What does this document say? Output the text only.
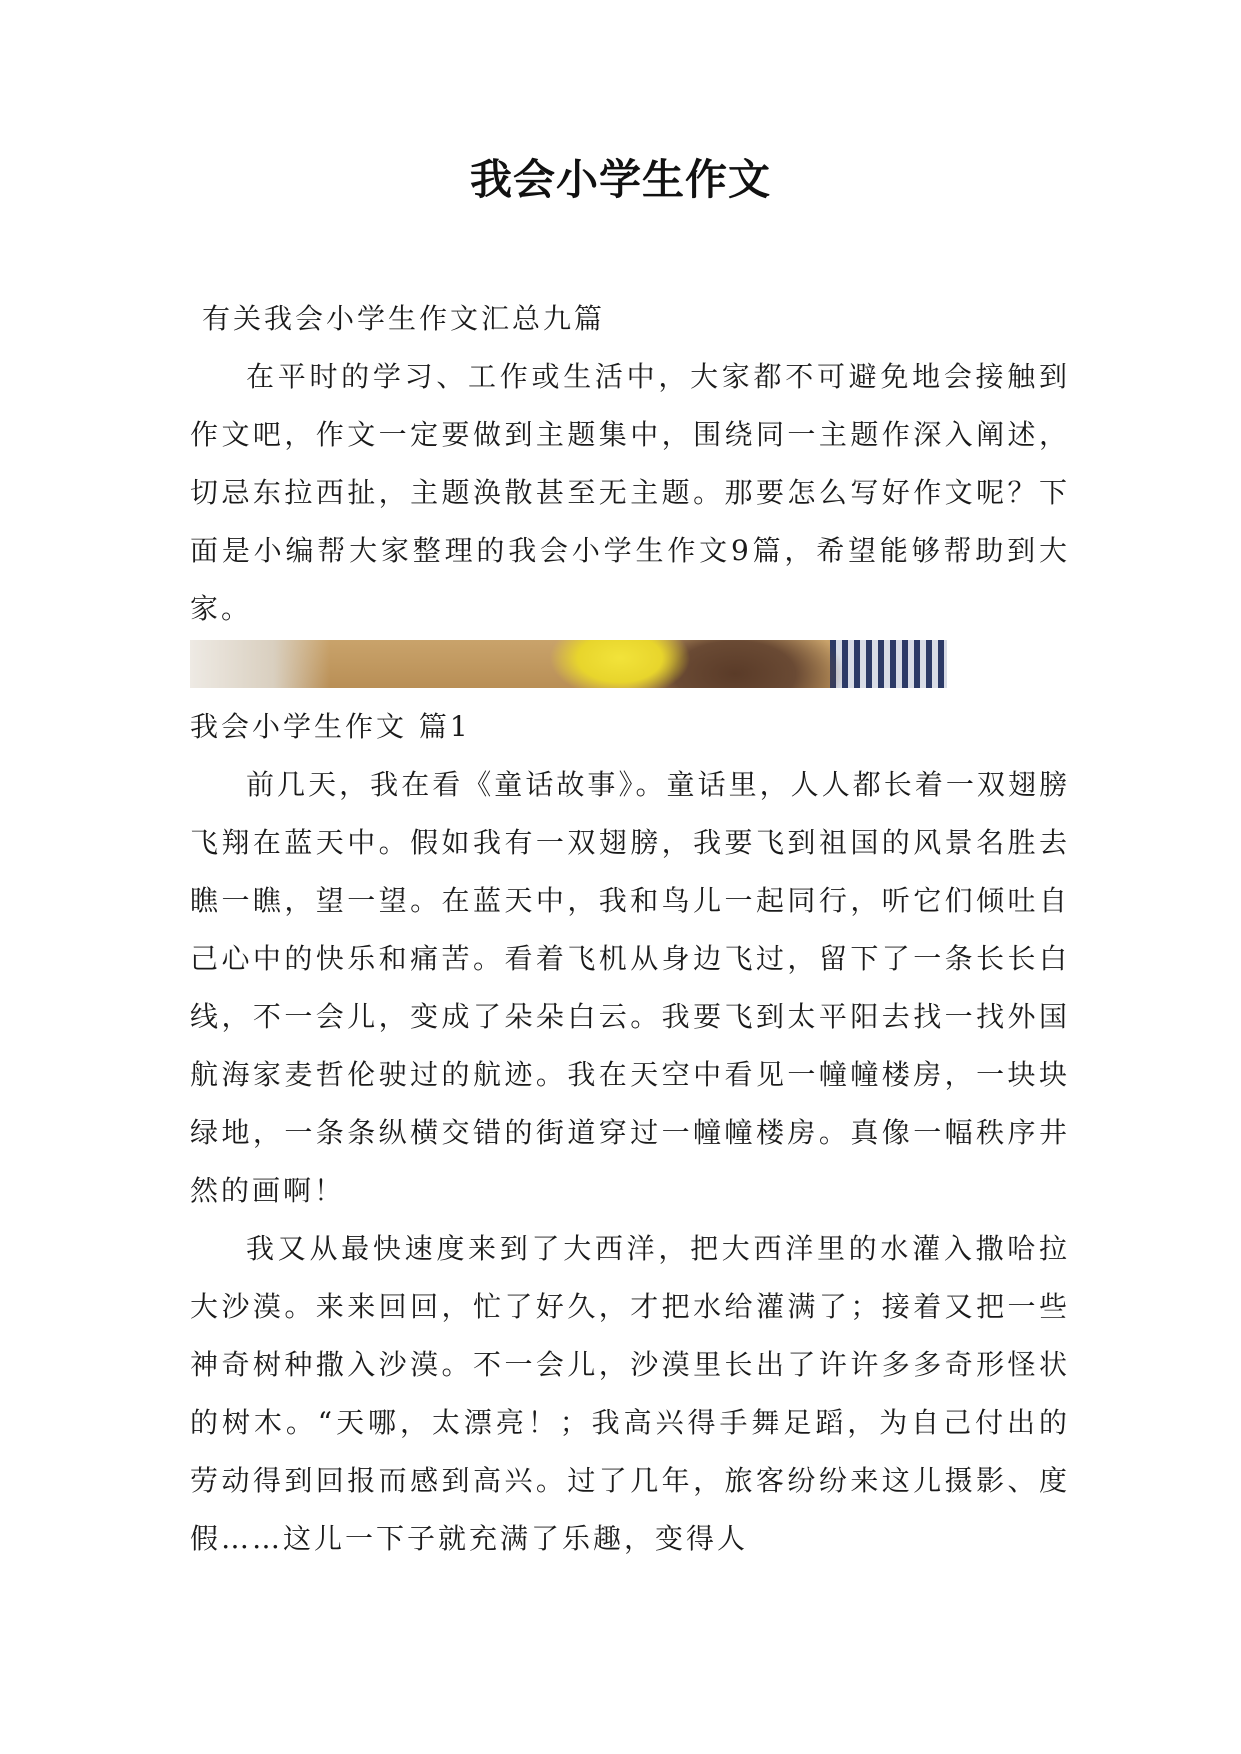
我会小学生作文

有关我会小学生作文汇总九篇

在平时的学习、工作或生活中，大家都不可避免地会接触到作文吧，作文一定要做到主题集中，围绕同一主题作深入阐述，切忌东拉西扯，主题涣散甚至无主题。那要怎么写好作文呢？下面是小编帮大家整理的我会小学生作文9篇，希望能够帮助到大家。

我会小学生作文 篇1

前几天，我在看《童话故事》。童话里，人人都长着一双翅膀飞翔在蓝天中。假如我有一双翅膀，我要飞到祖国的风景名胜去瞧一瞧，望一望。在蓝天中，我和鸟儿一起同行，听它们倾吐自己心中的快乐和痛苦。看着飞机从身边飞过，留下了一条长长白线，不一会儿，变成了朵朵白云。我要飞到太平阳去找一找外国航海家麦哲伦驶过的航迹。我在天空中看见一幢幢楼房，一块块绿地，一条条纵横交错的街道穿过一幢幢楼房。真像一幅秩序井然的画啊！

我又从最快速度来到了大西洋，把大西洋里的水灌入撒哈拉大沙漠。来来回回，忙了好久，才把水给灌满了；接着又把一些神奇树种撒入沙漠。不一会儿，沙漠里长出了许许多多奇形怪状的树木。“天哪，太漂亮！；我高兴得手舞足蹈，为自己付出的劳动得到回报而感到高兴。过了几年，旅客纷纷来这儿摄影、度假……这儿一下子就充满了乐趣，变得人
